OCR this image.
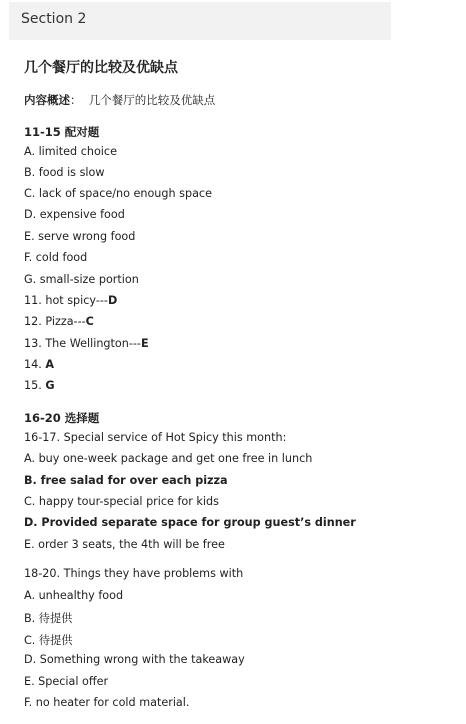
Section 2
几个餐厅的比较及优缺点
内容概述： 几个餐厅的比较及优缺点
11-15 配对题
A. limited choice
B. food is slow
C. lack of space/no enough space
D. expensive food
E. serve wrong food
F. cold food
G. small-size portion
11. hot spicy---D
12. Pizza---C
13. The Wellington---E
14. A
15. G
16-20 选择题
16-17. Special service of Hot Spicy this month:
A. buy one-week package and get one free in lunch
B. free salad for over each pizza
C. happy tour-special price for kids
D. Provided separate space for group guest’s dinner
E. order 3 seats, the 4th will be free
18-20. Things they have problems with
A. unhealthy food
B. 待提供
C. 待提供
D. Something wrong with the takeaway
E. Special offer
F. no heater for cold material.
